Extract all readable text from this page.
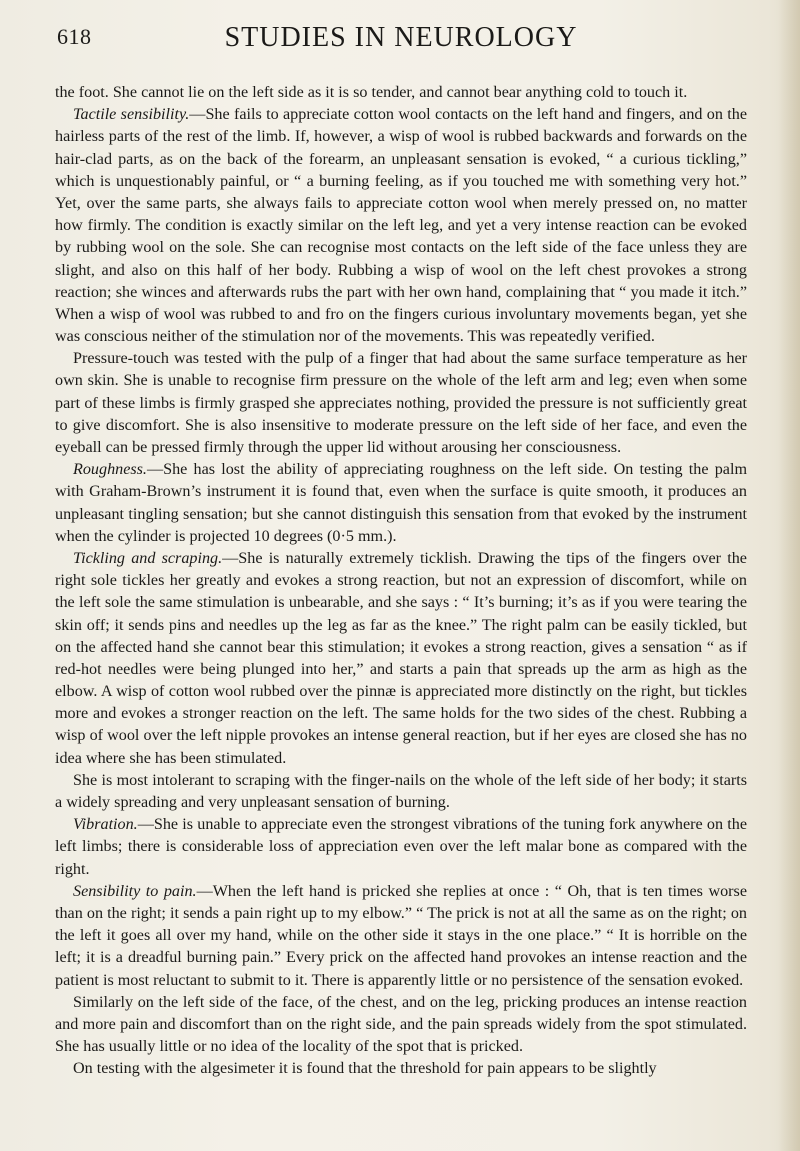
618	STUDIES IN NEUROLOGY

the foot. She cannot lie on the left side as it is so tender, and cannot bear anything cold to touch it.

Tactile sensibility.—She fails to appreciate cotton wool contacts on the left hand and fingers, and on the hairless parts of the rest of the limb. If, however, a wisp of wool is rubbed backwards and forwards on the hair-clad parts, as on the back of the forearm, an unpleasant sensation is evoked, “ a curious tickling,” which is unquestionably painful, or “ a burning feeling, as if you touched me with something very hot.” Yet, over the same parts, she always fails to appreciate cotton wool when merely pressed on, no matter how firmly. The condition is exactly similar on the left leg, and yet a very intense reaction can be evoked by rubbing wool on the sole. She can recognise most contacts on the left side of the face unless they are slight, and also on this half of her body. Rubbing a wisp of wool on the left chest provokes a strong reaction; she winces and afterwards rubs the part with her own hand, complaining that “ you made it itch.” When a wisp of wool was rubbed to and fro on the fingers curious involuntary movements began, yet she was conscious neither of the stimulation nor of the movements. This was repeatedly verified.

Pressure-touch was tested with the pulp of a finger that had about the same surface temperature as her own skin. She is unable to recognise firm pressure on the whole of the left arm and leg; even when some part of these limbs is firmly grasped she appreciates nothing, provided the pressure is not sufficiently great to give discomfort. She is also insensitive to moderate pressure on the left side of her face, and even the eyeball can be pressed firmly through the upper lid without arousing her consciousness.

Roughness.—She has lost the ability of appreciating roughness on the left side. On testing the palm with Graham-Brown’s instrument it is found that, even when the surface is quite smooth, it produces an unpleasant tingling sensation; but she cannot distinguish this sensation from that evoked by the instrument when the cylinder is projected 10 degrees (0·5 mm.).

Tickling and scraping.—She is naturally extremely ticklish. Drawing the tips of the fingers over the right sole tickles her greatly and evokes a strong reaction, but not an expression of discomfort, while on the left sole the same stimulation is unbearable, and she says : “ It’s burning; it’s as if you were tearing the skin off; it sends pins and needles up the leg as far as the knee.” The right palm can be easily tickled, but on the affected hand she cannot bear this stimulation; it evokes a strong reaction, gives a sensation “ as if red-hot needles were being plunged into her,” and starts a pain that spreads up the arm as high as the elbow. A wisp of cotton wool rubbed over the pinnæ is appreciated more distinctly on the right, but tickles more and evokes a stronger reaction on the left. The same holds for the two sides of the chest. Rubbing a wisp of wool over the left nipple provokes an intense general reaction, but if her eyes are closed she has no idea where she has been stimulated.

She is most intolerant to scraping with the finger-nails on the whole of the left side of her body; it starts a widely spreading and very unpleasant sensation of burning.

Vibration.—She is unable to appreciate even the strongest vibrations of the tuning fork anywhere on the left limbs; there is considerable loss of appreciation even over the left malar bone as compared with the right.

Sensibility to pain.—When the left hand is pricked she replies at once : “ Oh, that is ten times worse than on the right; it sends a pain right up to my elbow.” “ The prick is not at all the same as on the right; on the left it goes all over my hand, while on the other side it stays in the one place.” “ It is horrible on the left; it is a dreadful burning pain.” Every prick on the affected hand provokes an intense reaction and the patient is most reluctant to submit to it. There is apparently little or no persistence of the sensation evoked.

Similarly on the left side of the face, of the chest, and on the leg, pricking produces an intense reaction and more pain and discomfort than on the right side, and the pain spreads widely from the spot stimulated. She has usually little or no idea of the locality of the spot that is pricked.

On testing with the algesimeter it is found that the threshold for pain appears to be slightly
